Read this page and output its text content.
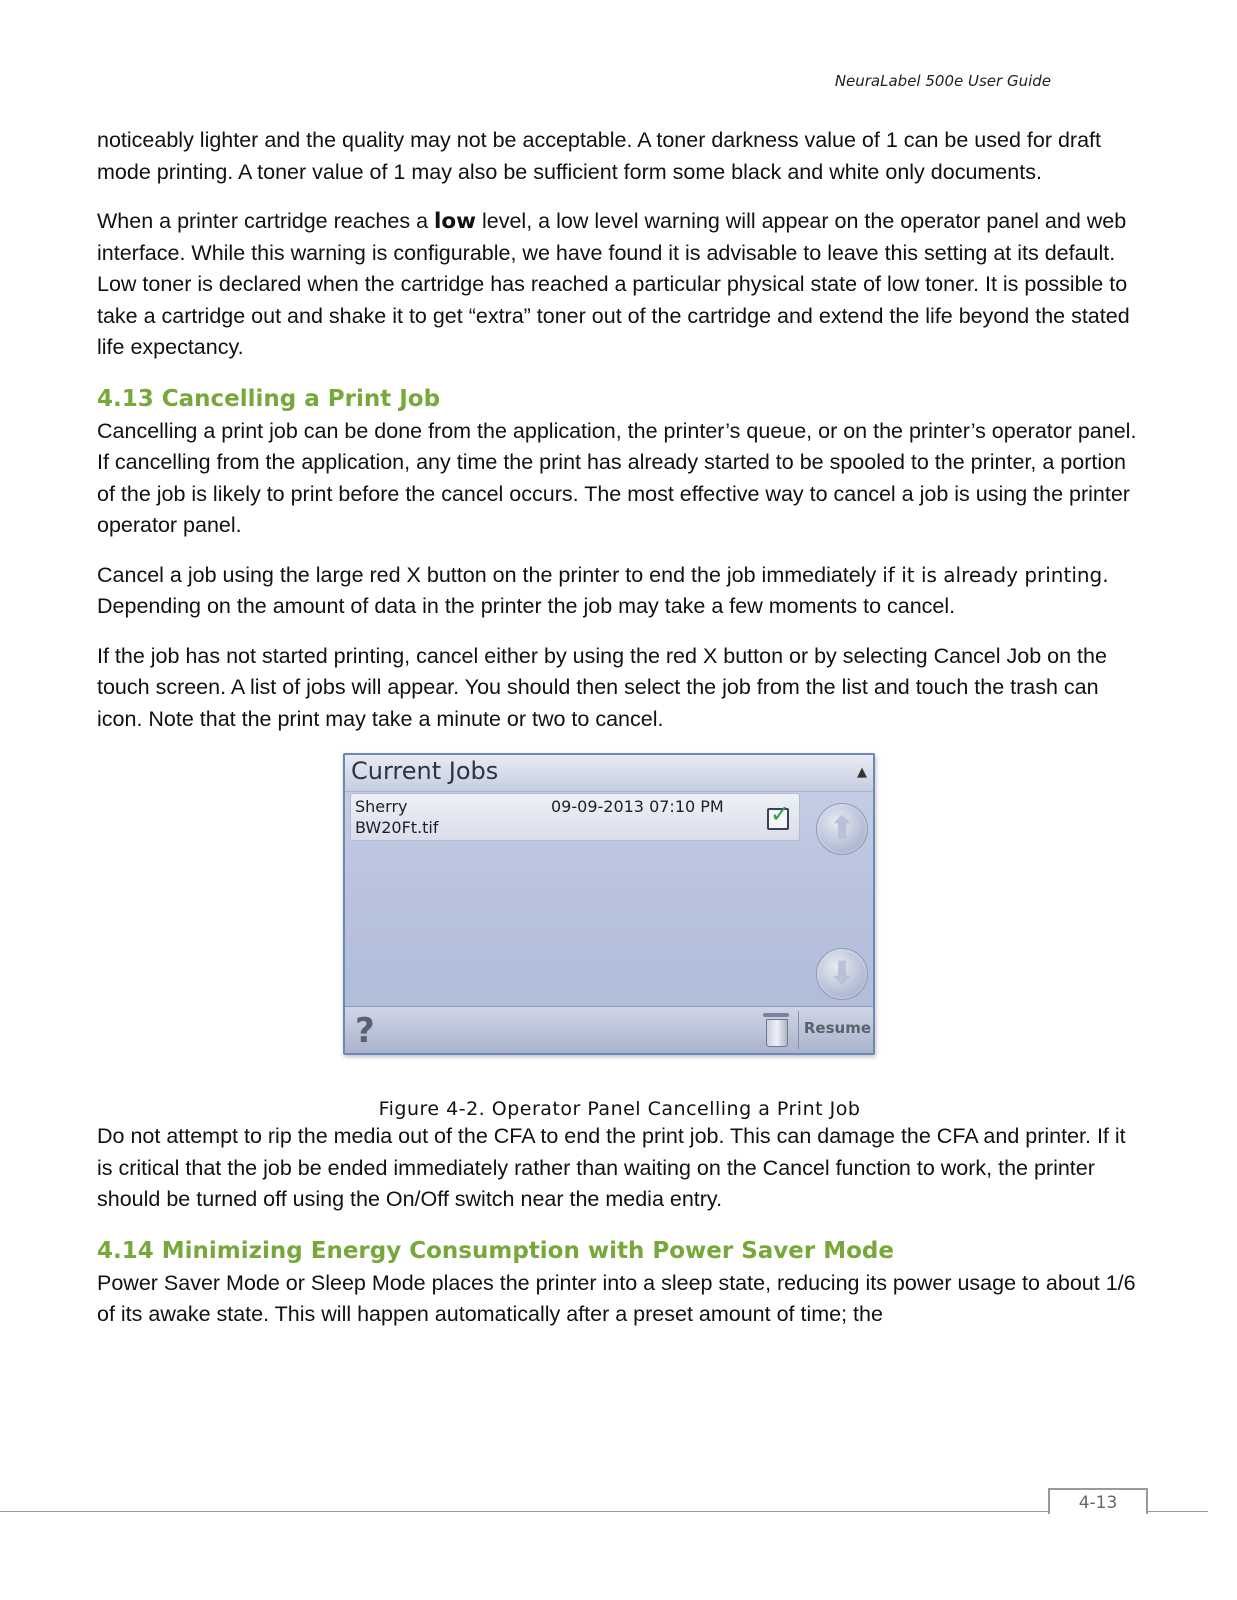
NeuraLabel 500e User Guide

noticeably lighter and the quality may not be acceptable. A toner darkness value of 1 can be used for draft mode printing. A toner value of 1 may also be sufficient form some black and white only documents.

When a printer cartridge reaches a low level, a low level warning will appear on the operator panel and web interface. While this warning is configurable, we have found it is advisable to leave this setting at its default. Low toner is declared when the cartridge has reached a particular physical state of low toner. It is possible to take a cartridge out and shake it to get “extra” toner out of the cartridge and extend the life beyond the stated life expectancy.

4.13 Cancelling a Print Job

Cancelling a print job can be done from the application, the printer’s queue, or on the printer’s operator panel. If cancelling from the application, any time the print has already started to be spooled to the printer, a portion of the job is likely to print before the cancel occurs. The most effective way to cancel a job is using the printer operator panel.

Cancel a job using the large red X button on the printer to end the job immediately if it is already printing. Depending on the amount of data in the printer the job may take a few moments to cancel.

If the job has not started printing, cancel either by using the red X button or by selecting Cancel Job on the touch screen. A list of jobs will appear. You should then select the job from the list and touch the trash can icon. Note that the print may take a minute or two to cancel.

Current Jobs	▲
Sherry	09-09-2013 07:10 PM
BW20Ft.tif	✓	⬆
⬇
?	Resume
Figure 4-2. Operator Panel Cancelling a Print Job

Do not attempt to rip the media out of the CFA to end the print job. This can damage the CFA and printer. If it is critical that the job be ended immediately rather than waiting on the Cancel function to work, the printer should be turned off using the On/Off switch near the media entry.

4.14 Minimizing Energy Consumption with Power Saver Mode

Power Saver Mode or Sleep Mode places the printer into a sleep state, reducing its power usage to about 1/6 of its awake state. This will happen automatically after a preset amount of time; the

4-13
